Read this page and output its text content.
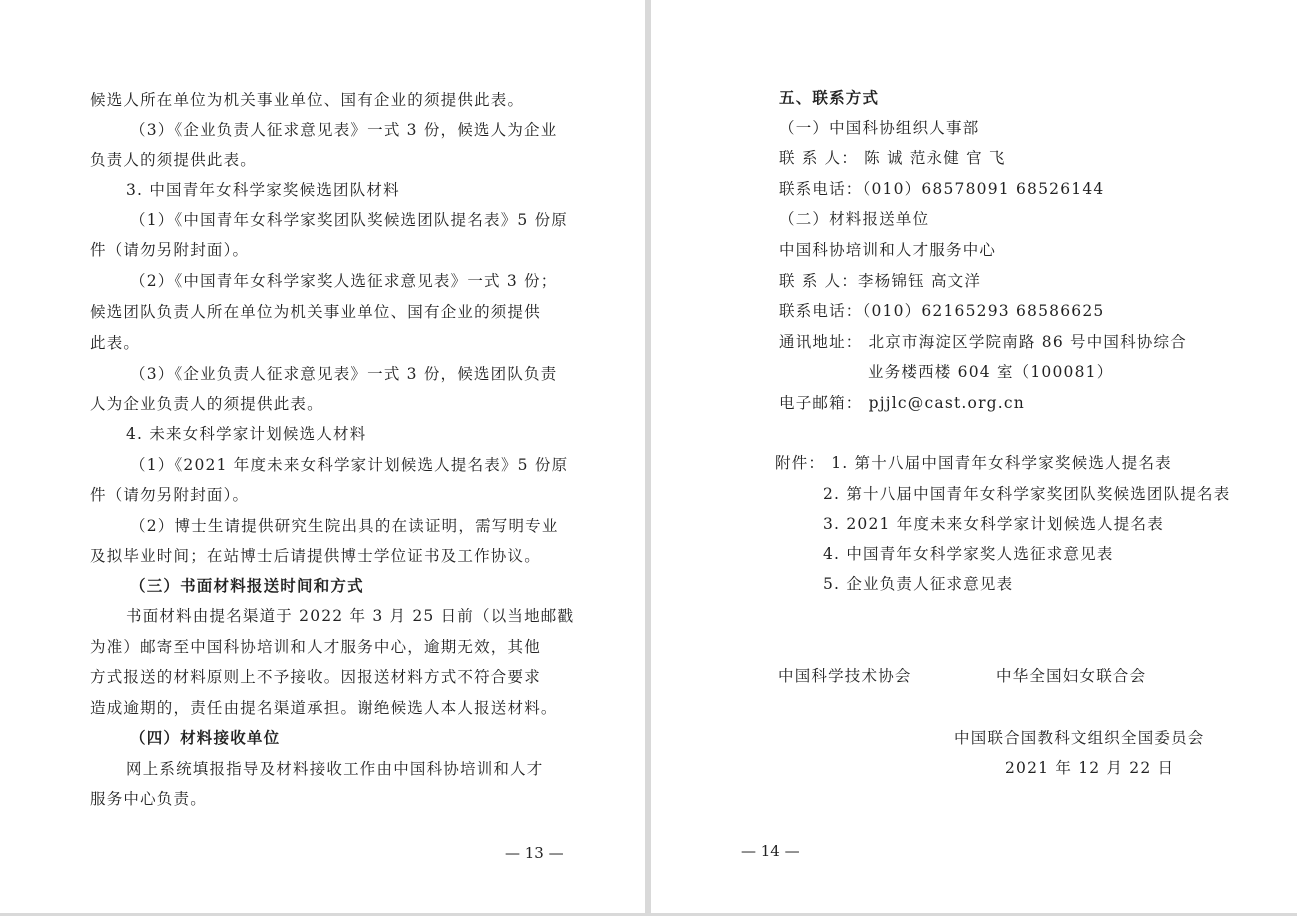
候选人所在单位为机关事业单位、国有企业的须提供此表。
（3）《企业负责人征求意见表》一式 3 份，候选人为企业
负责人的须提供此表。
3. 中国青年女科学家奖候选团队材料
（1）《中国青年女科学家奖团队奖候选团队提名表》5 份原
件（请勿另附封面）。
（2）《中国青年女科学家奖人选征求意见表》一式 3 份；
候选团队负责人所在单位为机关事业单位、国有企业的须提供
此表。
（3）《企业负责人征求意见表》一式 3 份，候选团队负责
人为企业负责人的须提供此表。
4. 未来女科学家计划候选人材料
（1）《2021 年度未来女科学家计划候选人提名表》5 份原
件（请勿另附封面）。
（2）博士生请提供研究生院出具的在读证明，需写明专业
及拟毕业时间；在站博士后请提供博士学位证书及工作协议。
（三）书面材料报送时间和方式
书面材料由提名渠道于 2022 年 3 月 25 日前（以当地邮戳
为准）邮寄至中国科协培训和人才服务中心，逾期无效，其他
方式报送的材料原则上不予接收。因报送材料方式不符合要求
造成逾期的，责任由提名渠道承担。谢绝候选人本人报送材料。
（四）材料接收单位
网上系统填报指导及材料接收工作由中国科协培训和人才
服务中心负责。
— 13 —
五、联系方式
（一）中国科协组织人事部
联 系 人： 陈 诚 范永健 官 飞
联系电话：（010）68578091 68526144
（二）材料报送单位
中国科协培训和人才服务中心
联 系 人：李杨锦钰 高文洋
联系电话：（010）62165293 68586625
通讯地址： 北京市海淀区学院南路 86 号中国科协综合
业务楼西楼 604 室（100081）
电子邮箱： pjjlc@cast.org.cn
附件： 1. 第十八届中国青年女科学家奖候选人提名表
2. 第十八届中国青年女科学家奖团队奖候选团队提名表
3. 2021 年度未来女科学家计划候选人提名表
4. 中国青年女科学家奖人选征求意见表
5. 企业负责人征求意见表
中国科学技术协会	中华全国妇女联合会
中国联合国教科文组织全国委员会
2021 年 12 月 22 日
— 14 —
